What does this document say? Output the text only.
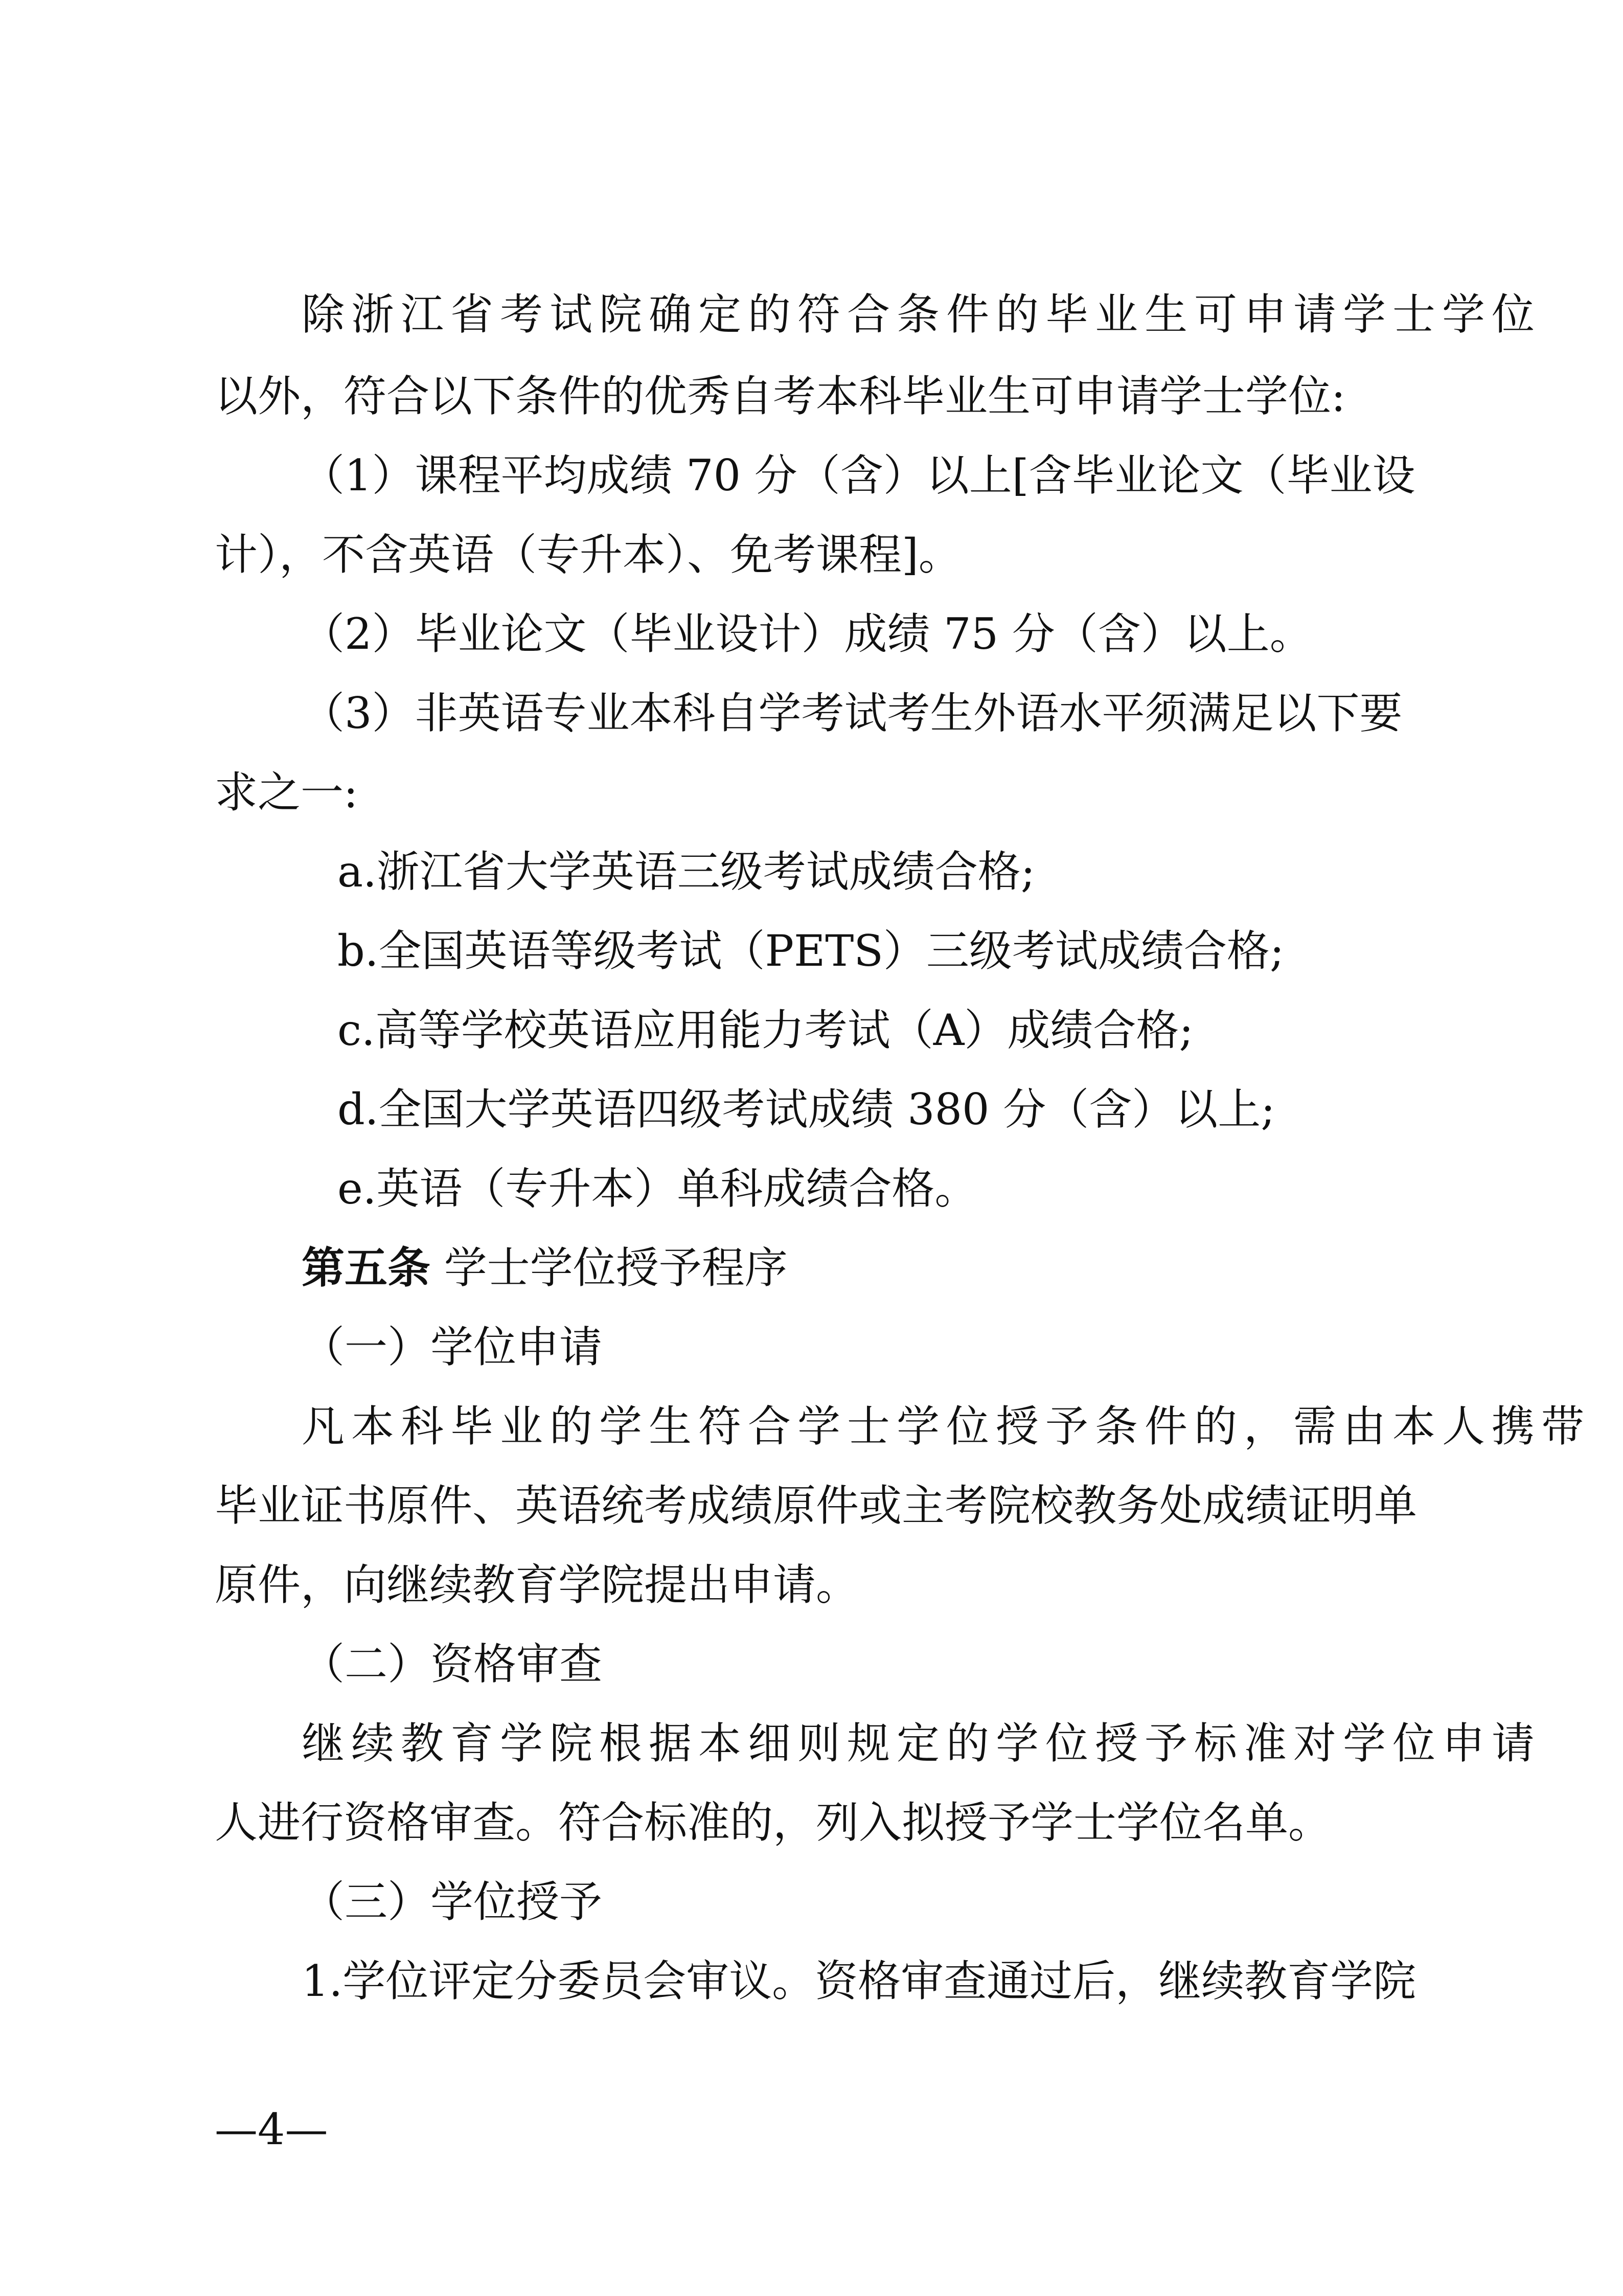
除浙江省考试院确定的符合条件的毕业生可申请学士学位
以外，符合以下条件的优秀自考本科毕业生可申请学士学位:
（1）课程平均成绩 70 分（含）以上[含毕业论文（毕业设
计），不含英语（专升本）、免考课程]。
（2）毕业论文（毕业设计）成绩 75 分（含）以上。
（3）非英语专业本科自学考试考生外语水平须满足以下要
求之一:
a.浙江省大学英语三级考试成绩合格;
b.全国英语等级考试（PETS）三级考试成绩合格;
c.高等学校英语应用能力考试（A）成绩合格;
d.全国大学英语四级考试成绩 380 分（含）以上;
e.英语（专升本）单科成绩合格。
第五条 学士学位授予程序
（一）学位申请
凡本科毕业的学生符合学士学位授予条件的，需由本人携带
毕业证书原件、英语统考成绩原件或主考院校教务处成绩证明单
原件，向继续教育学院提出申请。
（二）资格审查
继续教育学院根据本细则规定的学位授予标准对学位申请
人进行资格审查。符合标准的，列入拟授予学士学位名单。
（三）学位授予
1.学位评定分委员会审议。资格审查通过后，继续教育学院
—4—
